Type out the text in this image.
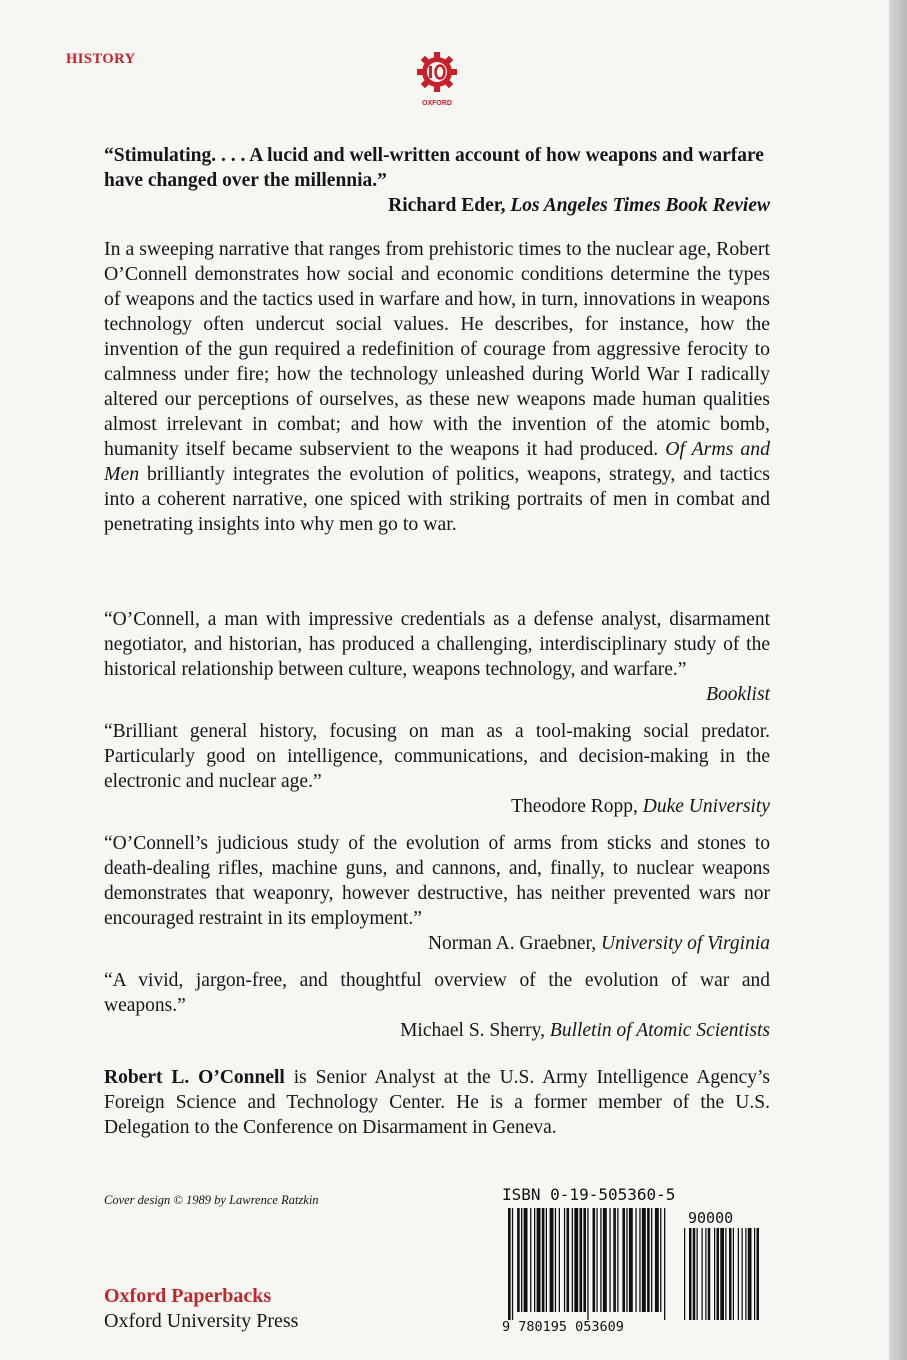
HISTORY
OXFORD
“Stimulating. . . . A lucid and well-written account of how weapons and warfare have changed over the millennia.”
Richard Eder, Los Angeles Times Book Review
In a sweeping narrative that ranges from prehistoric times to the nuclear age, Robert O’Connell demonstrates how social and economic conditions determine the types of weapons and the tactics used in warfare and how, in turn, innovations in weapons technology often undercut social values. He describes, for instance, how the invention of the gun required a redefinition of courage from aggressive ferocity to calmness under fire; how the technology unleashed during World War I radically altered our perceptions of ourselves, as these new weapons made human qualities almost irrelevant in combat; and how with the invention of the atomic bomb, humanity itself became subservient to the weapons it had produced. Of Arms and Men brilliantly integrates the evolution of politics, weapons, strategy, and tactics into a coherent narrative, one spiced with striking portraits of men in combat and penetrating insights into why men go to war.
“O’Connell, a man with impressive credentials as a defense analyst, disarmament negotiator, and historian, has produced a challenging, interdisciplinary study of the historical relationship between culture, weapons technology, and warfare.”
Booklist
“Brilliant general history, focusing on man as a tool-making social predator. Particularly good on intelligence, communications, and decision-making in the electronic and nuclear age.”
Theodore Ropp, Duke University
“O’Connell’s judicious study of the evolution of arms from sticks and stones to death-dealing rifles, machine guns, and cannons, and, finally, to nuclear weapons demonstrates that weaponry, however destructive, has neither prevented wars nor encouraged restraint in its employment.”
Norman A. Graebner, University of Virginia
“A vivid, jargon-free, and thoughtful overview of the evolution of war and weapons.”
Michael S. Sherry, Bulletin of Atomic Scientists
Robert L. O’Connell is Senior Analyst at the U.S. Army Intelligence Agency’s Foreign Science and Technology Center. He is a former member of the U.S. Delegation to the Conference on Disarmament in Geneva.
Cover design © 1989 by Lawrence Ratzkin
Oxford Paperbacks
Oxford University Press
ISBN 0-19-505360-5
90000
9 780195 053609
